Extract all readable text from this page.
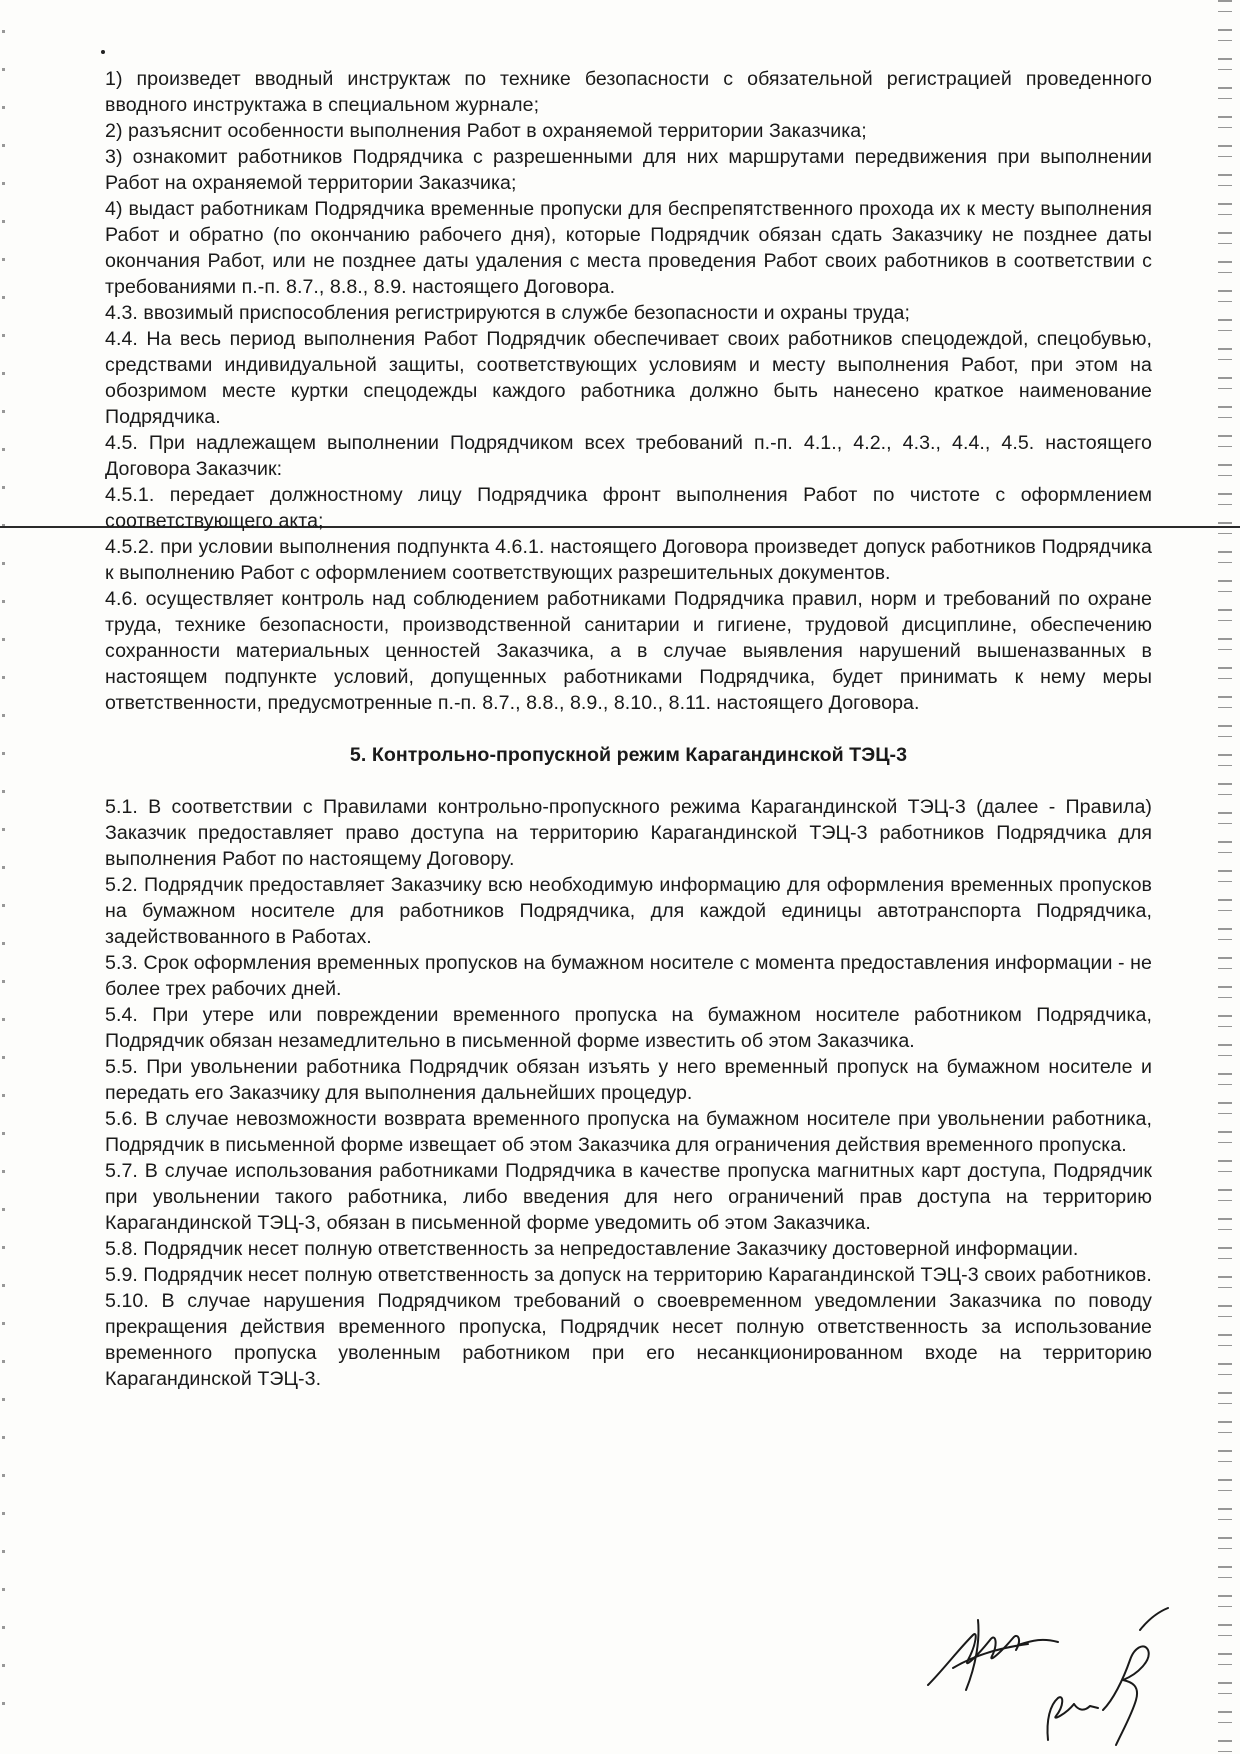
1) произведет вводный инструктаж по технике безопасности с обязательной регистрацией проведенного вводного инструктажа в специальном журнале;

2) разъяснит особенности выполнения Работ в охраняемой территории Заказчика;

3) ознакомит работников Подрядчика с разрешенными для них маршрутами передвижения при выполнении Работ на охраняемой территории Заказчика;

4) выдаст работникам Подрядчика временные пропуски для беспрепятственного прохода их к месту выполнения Работ и обратно (по окончанию рабочего дня), которые Подрядчик обязан сдать Заказчику не позднее даты окончания Работ, или не позднее даты удаления с места проведения Работ своих работников в соответствии с требованиями п.-п. 8.7., 8.8., 8.9. настоящего Договора.

4.3. ввозимый приспособления регистрируются в службе безопасности и охраны труда;

4.4. На весь период выполнения Работ Подрядчик обеспечивает своих работников спецодеждой, спецобувью, средствами индивидуальной защиты, соответствующих условиям и месту выполнения Работ, при этом на обозримом месте куртки спецодежды каждого работника должно быть нанесено краткое наименование Подрядчика.

4.5. При надлежащем выполнении Подрядчиком всех требований п.-п. 4.1., 4.2., 4.3., 4.4., 4.5. настоящего Договора Заказчик:

4.5.1. передает должностному лицу Подрядчика фронт выполнения Работ по чистоте с оформлением соответствующего акта;

4.5.2. при условии выполнения подпункта 4.6.1. настоящего Договора произведет допуск работников Подрядчика к выполнению Работ с оформлением соответствующих разрешительных документов.

4.6. осуществляет контроль над соблюдением работниками Подрядчика правил, норм и требований по охране труда, технике безопасности, производственной санитарии и гигиене, трудовой дисциплине, обеспечению сохранности материальных ценностей Заказчика, а в случае выявления нарушений вышеназванных в настоящем подпункте условий, допущенных работниками Подрядчика, будет принимать к нему меры ответственности, предусмотренные п.-п. 8.7., 8.8., 8.9., 8.10., 8.11. настоящего Договора.

5. Контрольно-пропускной режим Карагандинской ТЭЦ-3

5.1. В соответствии с Правилами контрольно-пропускного режима Карагандинской ТЭЦ-3 (далее - Правила) Заказчик предоставляет право доступа на территорию Карагандинской ТЭЦ-3 работников Подрядчика для выполнения Работ по настоящему Договору.

5.2. Подрядчик предоставляет Заказчику всю необходимую информацию для оформления временных пропусков на бумажном носителе для работников Подрядчика, для каждой единицы автотранспорта Подрядчика, задействованного в Работах.

5.3. Срок оформления временных пропусков на бумажном носителе с момента предоставления информации - не более трех рабочих дней.

5.4. При утере или повреждении временного пропуска на бумажном носителе работником Подрядчика, Подрядчик обязан незамедлительно в письменной форме известить об этом Заказчика.

5.5. При увольнении работника Подрядчик обязан изъять у него временный пропуск на бумажном носителе и передать его Заказчику для выполнения дальнейших процедур.

5.6. В случае невозможности возврата временного пропуска на бумажном носителе при увольнении работника, Подрядчик в письменной форме извещает об этом Заказчика для ограничения действия временного пропуска.

5.7. В случае использования работниками Подрядчика в качестве пропуска магнитных карт доступа, Подрядчик при увольнении такого работника, либо введения для него ограничений прав доступа на территорию Карагандинской ТЭЦ-3, обязан в письменной форме уведомить об этом Заказчика.

5.8. Подрядчик несет полную ответственность за непредоставление Заказчику достоверной информации.

5.9. Подрядчик несет полную ответственность за допуск на территорию Карагандинской ТЭЦ-3 своих работников.

5.10. В случае нарушения Подрядчиком требований о своевременном уведомлении Заказчика по поводу прекращения действия временного пропуска, Подрядчик несет полную ответственность за использование временного пропуска уволенным работником при его несанкционированном входе на территорию Карагандинской ТЭЦ-3.
